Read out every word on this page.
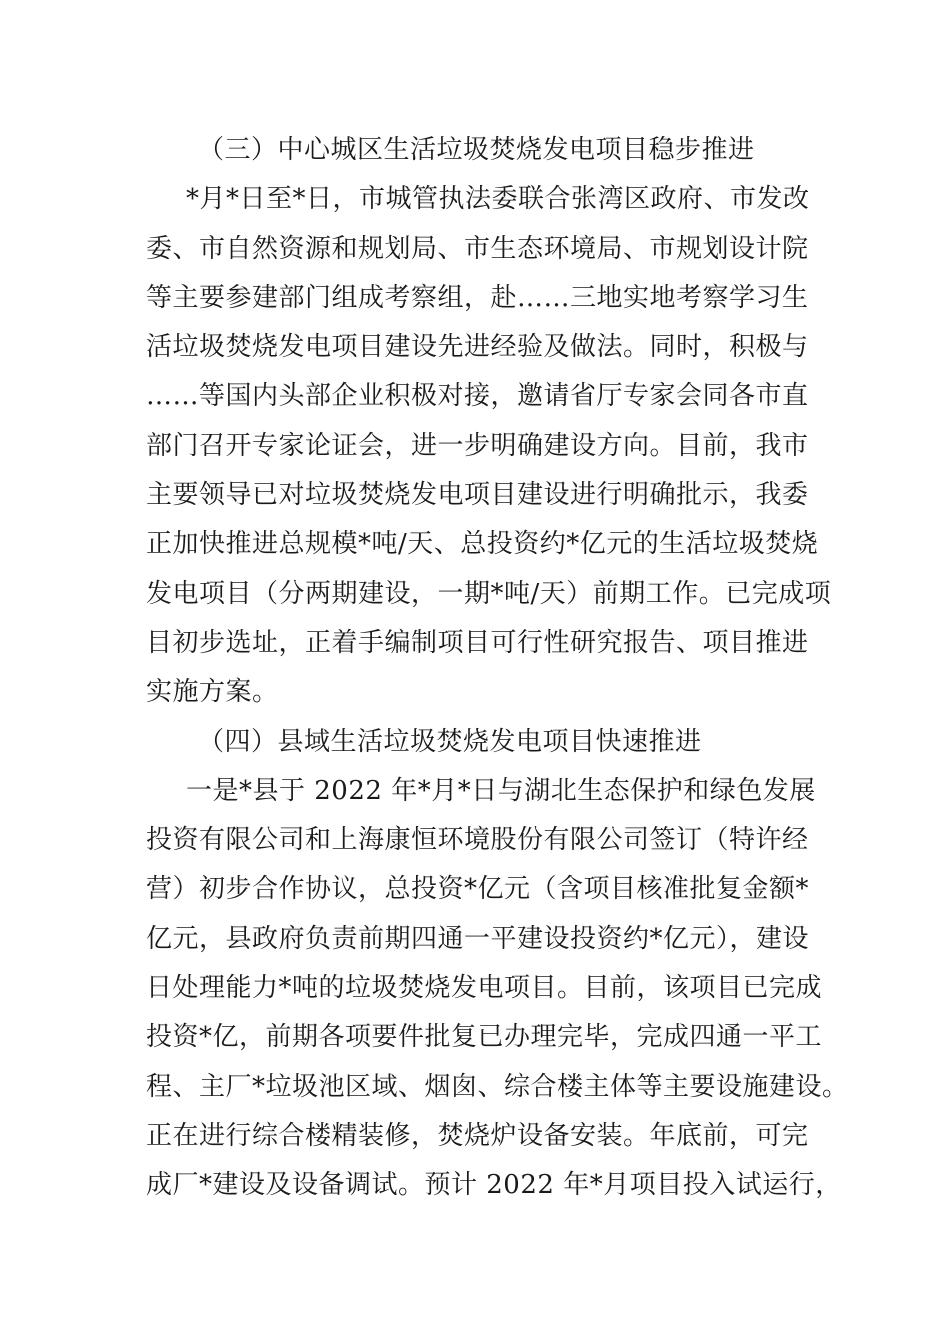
（三）中心城区生活垃圾焚烧发电项目稳步推进
*月*日至*日，市城管执法委联合张湾区政府、市发改
委、市自然资源和规划局、市生态环境局、市规划设计院
等主要参建部门组成考察组，赴……三地实地考察学习生
活垃圾焚烧发电项目建设先进经验及做法。同时，积极与
……等国内头部企业积极对接，邀请省厅专家会同各市直
部门召开专家论证会，进一步明确建设方向。目前，我市
主要领导已对垃圾焚烧发电项目建设进行明确批示，我委
正加快推进总规模*吨/天、总投资约*亿元的生活垃圾焚烧
发电项目（分两期建设，一期*吨/天）前期工作。已完成项
目初步选址，正着手编制项目可行性研究报告、项目推进
实施方案。
（四）县域生活垃圾焚烧发电项目快速推进
一是*县于 2022 年*月*日与湖北生态保护和绿色发展
投资有限公司和上海康恒环境股份有限公司签订（特许经
营）初步合作协议，总投资*亿元（含项目核准批复金额*
亿元，县政府负责前期四通一平建设投资约*亿元），建设
日处理能力*吨的垃圾焚烧发电项目。目前，该项目已完成
投资*亿，前期各项要件批复已办理完毕，完成四通一平工
程、主厂*垃圾池区域、烟囱、综合楼主体等主要设施建设。
正在进行综合楼精装修，焚烧炉设备安装。年底前，可完
成厂*建设及设备调试。预计 2022 年*月项目投入试运行，
